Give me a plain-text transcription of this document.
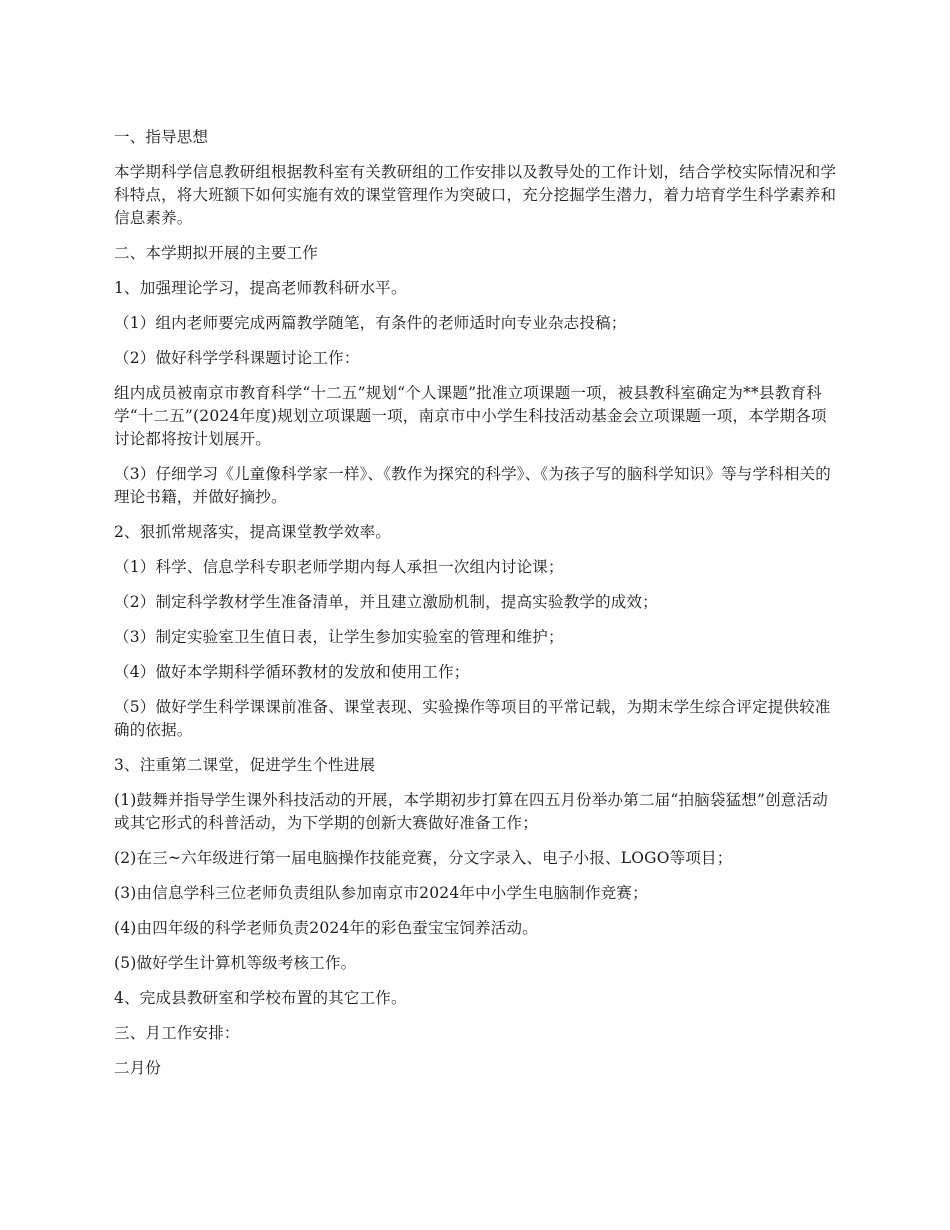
一、指导思想

本学期科学信息教研组根据教科室有关教研组的工作安排以及教导处的工作计划，结合学校实际情况和学科特点，将大班额下如何实施有效的课堂管理作为突破口，充分挖掘学生潜力，着力培育学生科学素养和信息素养。

二、本学期拟开展的主要工作

1、加强理论学习，提高老师教科研水平。

（1）组内老师要完成两篇教学随笔，有条件的老师适时向专业杂志投稿；

（2）做好科学学科课题讨论工作：

组内成员被南京市教育科学“十二五”规划“个人课题”批准立项课题一项，被县教科室确定为**县教育科学“十二五”(2024年度)规划立项课题一项，南京市中小学生科技活动基金会立项课题一项，本学期各项讨论都将按计划展开。

（3）仔细学习《儿童像科学家一样》、《教作为探究的科学》、《为孩子写的脑科学知识》等与学科相关的理论书籍，并做好摘抄。

2、狠抓常规落实，提高课堂教学效率。

（1）科学、信息学科专职老师学期内每人承担一次组内讨论课；

（2）制定科学教材学生准备清单，并且建立激励机制，提高实验教学的成效；

（3）制定实验室卫生值日表，让学生参加实验室的管理和维护；

（4）做好本学期科学循环教材的发放和使用工作；

（5）做好学生科学课课前准备、课堂表现、实验操作等项目的平常记载，为期末学生综合评定提供较准确的依据。

3、注重第二课堂，促进学生个性进展

(1)鼓舞并指导学生课外科技活动的开展，本学期初步打算在四五月份举办第二届“拍脑袋猛想”创意活动或其它形式的科普活动，为下学期的创新大赛做好准备工作；

(2)在三~六年级进行第一届电脑操作技能竞赛，分文字录入、电子小报、LOGO等项目；

(3)由信息学科三位老师负责组队参加南京市2024年中小学生电脑制作竞赛；

(4)由四年级的科学老师负责2024年的彩色蚕宝宝饲养活动。

(5)做好学生计算机等级考核工作。

4、完成县教研室和学校布置的其它工作。

三、月工作安排：

二月份
